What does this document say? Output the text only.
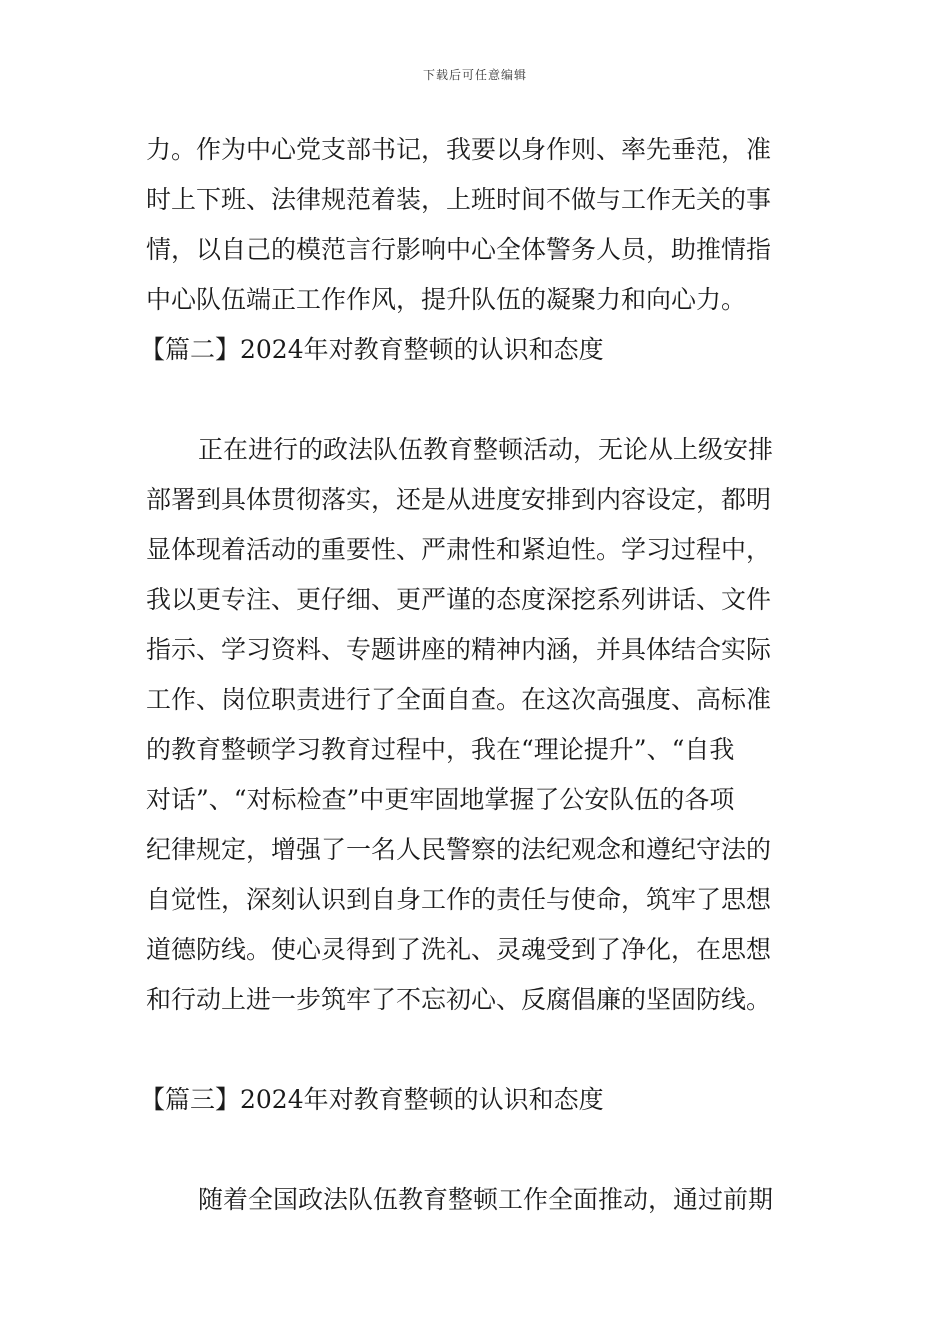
下载后可任意编辑
力。作为中心党支部书记，我要以身作则、率先垂范，准
时上下班、法律规范着装，上班时间不做与工作无关的事
情，以自己的模范言行影响中心全体警务人员，助推情指
中心队伍端正工作作风，提升队伍的凝聚力和向心力。
【篇二】2024年对教育整顿的认识和态度
正在进行的政法队伍教育整顿活动，无论从上级安排
部署到具体贯彻落实，还是从进度安排到内容设定，都明
显体现着活动的重要性、严肃性和紧迫性。学习过程中，
我以更专注、更仔细、更严谨的态度深挖系列讲话、文件
指示、学习资料、专题讲座的精神内涵，并具体结合实际
工作、岗位职责进行了全面自查。在这次高强度、高标准
的教育整顿学习教育过程中，我在“理论提升”、“自我
对话”、“对标检查”中更牢固地掌握了公安队伍的各项
纪律规定，增强了一名人民警察的法纪观念和遵纪守法的
自觉性，深刻认识到自身工作的责任与使命，筑牢了思想
道德防线。使心灵得到了洗礼、灵魂受到了净化，在思想
和行动上进一步筑牢了不忘初心、反腐倡廉的坚固防线。
【篇三】2024年对教育整顿的认识和态度
随着全国政法队伍教育整顿工作全面推动，通过前期
